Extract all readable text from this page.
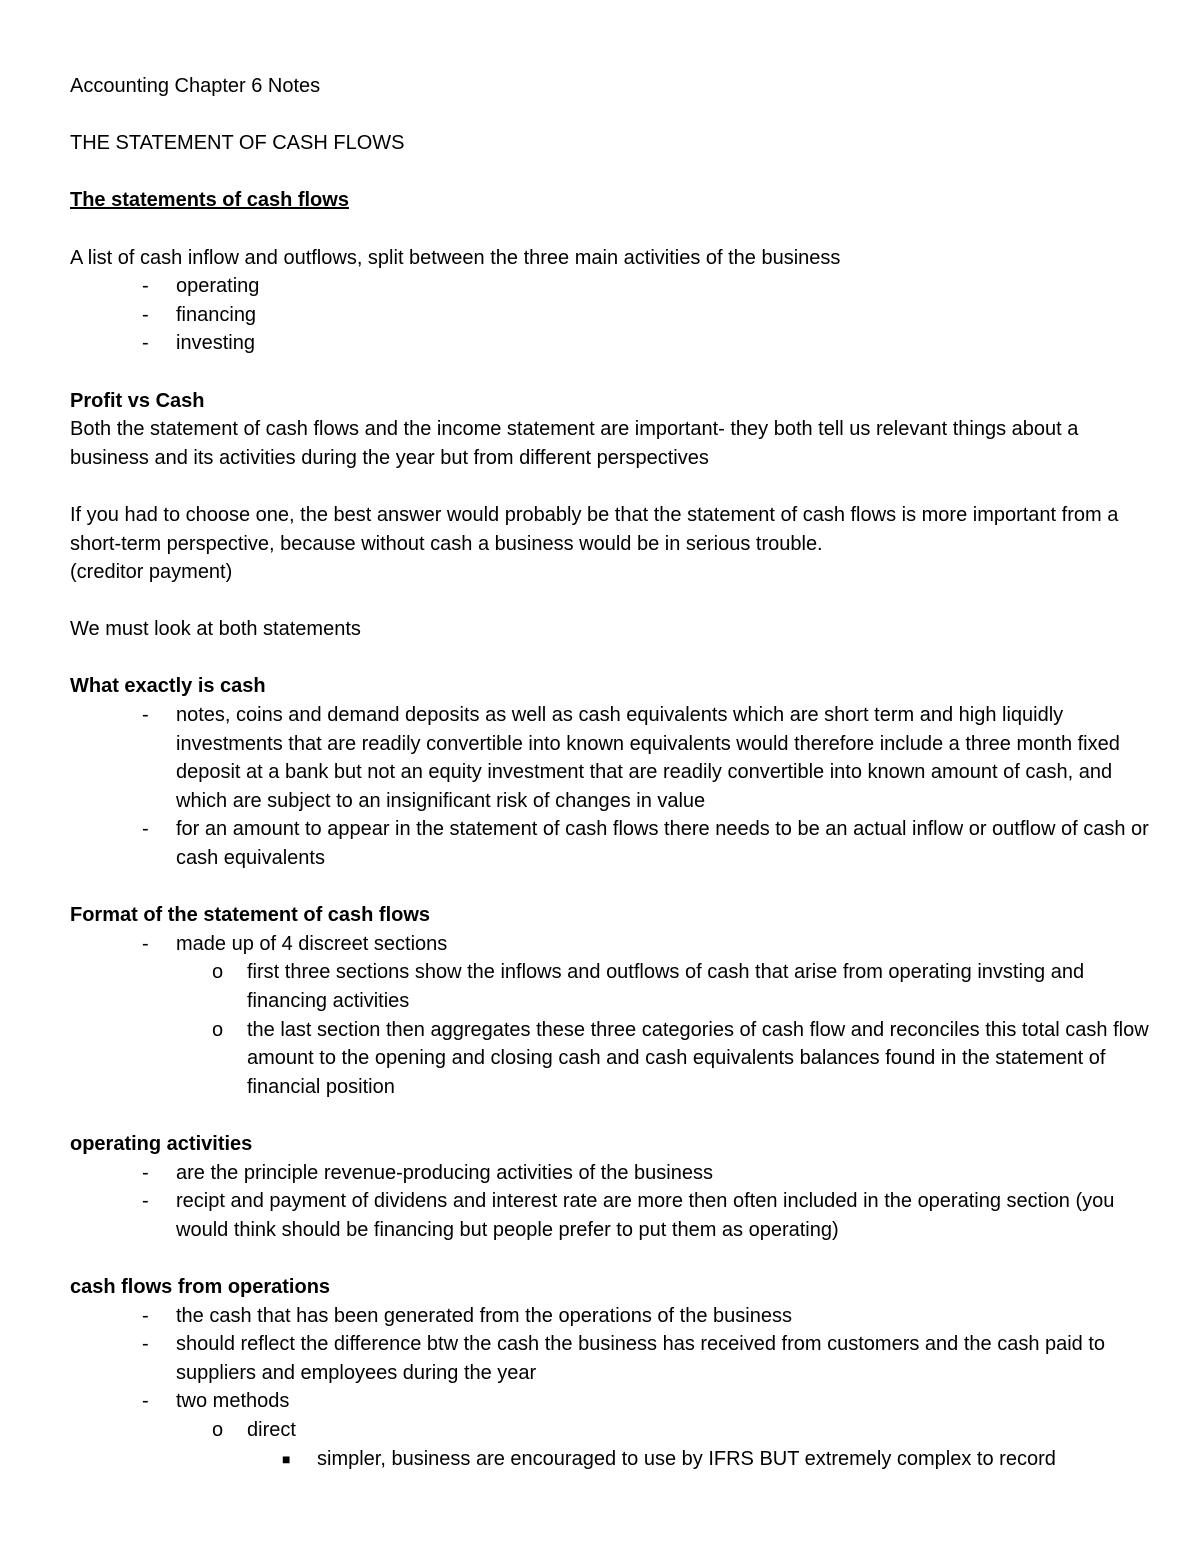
Accounting Chapter 6 Notes

THE STATEMENT OF CASH FLOWS

The statements of cash flows

A list of cash inflow and outflows, split between the three main activities of the business

- operating

- financing

- investing

Profit vs Cash

Both the statement of cash flows and the income statement are important- they both tell us relevant things about a business and its activities during the year but from different perspectives

If you had to choose one, the best answer would probably be that the statement of cash flows is more important from a short-term perspective, because without cash a business would be in serious trouble.

(creditor payment)

We must look at both statements

What exactly is cash

- notes, coins and demand deposits as well as cash equivalents which are short term and high liquidly investments that are readily convertible into known equivalents would therefore include a three month fixed deposit at a bank but not an equity investment that are readily convertible into known amount of cash, and which are subject to an insignificant risk of changes in value

- for an amount to appear in the statement of cash flows there needs to be an actual inflow or outflow of cash or cash equivalents

Format of the statement of cash flows

- made up of 4 discreet sections

o first three sections show the inflows and outflows of cash that arise from operating invsting and financing activities

o the last section then aggregates these three categories of cash flow and reconciles this total cash flow amount to the opening and closing cash and cash equivalents balances found in the statement of financial position

operating activities

- are the principle revenue-producing activities of the business

- recipt and payment of dividens and interest rate are more then often included in the operating section (you would think should be financing but people prefer to put them as operating)

cash flows from operations

- the cash that has been generated from the operations of the business

- should reflect the difference btw the cash the business has received from customers and the cash paid to suppliers and employees during the year

- two methods

o direct

■ simpler, business are encouraged to use by IFRS BUT extremely complex to record
